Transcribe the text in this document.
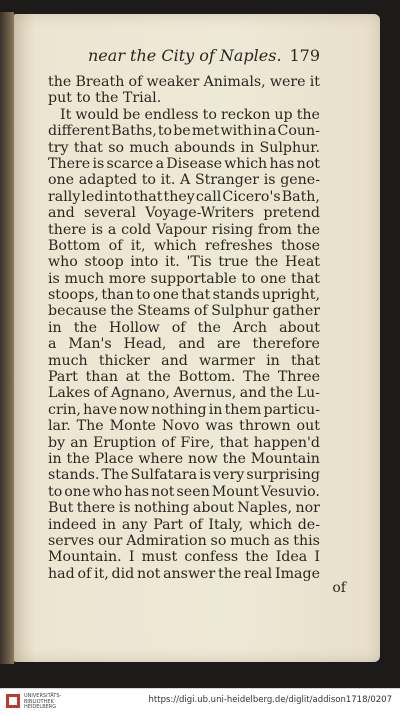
near the City of Naples. 179
the Breath of weaker Animals, were it
put to the Trial.
It would be endless to reckon up the
different Baths, to be met with in a Coun-
try that so much abounds in Sulphur.
There is scarce a Disease which has not
one adapted to it. A Stranger is gene-
rally led into that they call Cicero's Bath,
and several Voyage-Writers pretend
there is a cold Vapour rising from the
Bottom of it, which refreshes those
who stoop into it. 'Tis true the Heat
is much more supportable to one that
stoops, than to one that stands upright,
because the Steams of Sulphur gather
in the Hollow of the Arch about
a Man's Head, and are therefore
much thicker and warmer in that
Part than at the Bottom. The Three
Lakes of Agnano, Avernus, and the Lu-
crin, have now nothing in them particu-
lar. The Monte Novo was thrown out
by an Eruption of Fire, that happen'd
in the Place where now the Mountain
stands. The Sulfatara is very surprising
to one who has not seen Mount Vesuvio.
But there is nothing about Naples, nor
indeed in any Part of Italy, which de-
serves our Admiration so much as this
Mountain. I must confess the Idea I
had of it, did not answer the real Image
of
UNIVERSITÄTS-BIBLIOTHEK HEIDELBERG
https://digi.ub.uni-heidelberg.de/diglit/addison1718/0207
